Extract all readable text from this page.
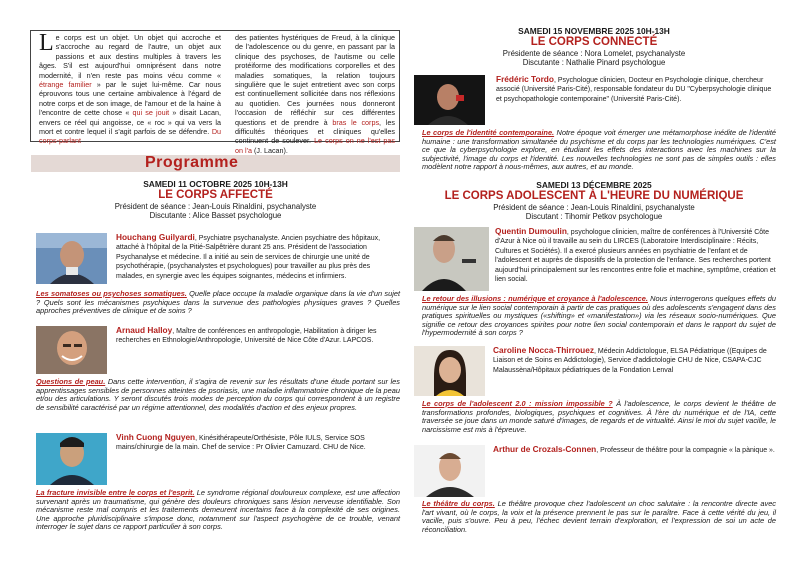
Le corps est un objet. Un objet qui accroche et s'accroche au regard de l'autre, un objet aux passions et aux destins multiples à travers les âges. S'il est aujourd'hui omniprésent dans notre modernité, il n'en reste pas moins vécu comme « étrange familier » par le sujet lui-même. Car nous éprouvons tous une certaine ambivalence à l'égard de notre corps et de son image, de l'amour et de la haine à l'encontre de cette chose « qui se jouit » disait Lacan, envers ce réel qui angoisse, ce « roc » qui va vers la mort et contre lequel il s'agit parfois de se défendre. Du corps-parlant
des patientes hystériques de Freud, à la clinique de l'adolescence ou du genre, en passant par la clinique des psychoses, de l'autisme ou celle protéiforme des modifications corporelles et des maladies somatiques, la relation toujours singulière que le sujet entretient avec son corps est continuellement sollicitée dans nos réflexions au quotidien. Ces journées nous donneront l'occasion de réfléchir sur ces différentes questions et de prendre à bras le corps, les difficultés théoriques et cliniques qu'elles continuent de soulever. Le corps on ne l'est pas on l'a (J. Lacan).
Programme
SAMEDI 11 OCTOBRE 2025 10H-13H
LE CORPS AFFECTÉ
Président de séance : Jean-Louis Rinaldini, psychanalyste
Discutante : Alice Basset psychologue
Houchang Guilyardi, Psychiatre psychanalyste. Ancien psychiatre des hôpitaux, attaché à l'hôpital de la Pitié-Salpêtrière durant 25 ans. Président de l'association Psychanalyse et médecine. Il a initié au sein de services de chirurgie une unité de psychothérapie, (psychanalystes et psychologues) pour travailler au plus près des malades, en synergie avec les équipes soignantes, médecins et infirmiers.
Les somatoses ou psychoses somatiques. Quelle place occupe la maladie organique dans la vie d'un sujet ? Quels sont les mécanismes psychiques dans la survenue des pathologies physiques graves ? Quelles approches préventives de clinique et de soins ?
Arnaud Halloy, Maître de conférences en anthropologie, Habilitation à diriger les recherches en Ethnologie/Anthropologie, Université de Nice Côte d'Azur. LAPCOS.
Questions de peau. Dans cette intervention, il s'agira de revenir sur les résultats d'une étude portant sur les apprentissages sensibles de personnes atteintes de psoriasis, une maladie inflammatoire chronique de la peau et/ou des articulations. Y seront discutés trois modes de perception du corps qui correspondent à un registre de sensibilité caractérisé par un régime attentionnel, des modalités d'action et des enjeux propres.
Vinh Cuong Nguyen, Kinésithérapeute/Orthésiste, Pôle IULS, Service SOS mains/chirurgie de la main. Chef de service : Pr Olivier Camuzard. CHU de Nice.
La fracture invisible entre le corps et l'esprit. Le syndrome régional douloureux complexe, est une affection survenant après un traumatisme, qui génère des douleurs chroniques sans lésion nerveuse identifiable. Son mécanisme reste mal compris et les traitements demeurent incertains face à la complexité de ses origines. Une approche pluridisciplinaire s'impose donc, notamment sur l'aspect psychogène de ce trouble, venant interroger le sujet dans ce rapport particulier à son corps.
SAMEDI 15 NOVEMBRE 2025 10H-13H
LE CORPS CONNECTÉ
Présidente de séance : Nora Lomelet, psychanalyste
Discutante : Nathalie Pinard psychologue
Frédéric Tordo, Psychologue clinicien, Docteur en Psychologie clinique, chercheur associé (Université Paris-Cité), responsable fondateur du DU "Cyberpsychologie clinique et psychopathologie contemporaine" (Université Paris-Cité).
Le corps de l'identité contemporaine. Notre époque voit émerger une métamorphose inédite de l'identité humaine : une transformation simultanée du psychisme et du corps par les technologies numériques. C'est ce que la cyberpsychologie explore, en étudiant les effets des interactions avec les machines sur la subjectivité, l'image du corps et l'identité. Les nouvelles technologies ne sont pas de simples outils : elles modèlent notre rapport à nous-mêmes, aux autres, et au monde.
SAMEDI 13 DÉCEMBRE 2025
LE CORPS ADOLESCENT À L'HEURE DU NUMÉRIQUE
Président de séance : Jean-Louis Rinaldini, psychanalyste
Discutant : Tihomir Petkov psychologue
Quentin Dumoulin, psychologue clinicien, maître de conférences à l'Université Côte d'Azur à Nice où il travaille au sein du LIRCES (Laboratoire Interdisciplinaire : Récits, Cultures et Sociétés). Il a exercé plusieurs années en psychiatrie de l'enfant et de l'adolescent et auprès de dispositifs de la protection de l'enfance. Ses recherches portent aujourd'hui principalement sur les rencontres entre folie et machine, symptôme, création et lien social.
Le retour des illusions : numérique et croyance à l'adolescence. Nous interrogerons quelques effets du numérique sur le lien social contemporain à partir de cas pratiques où des adolescents s'engagent dans des pratiques spirituelles ou mystiques («shifting» et «manifestation») via les réseaux socio-numériques. Que signifie ce retour des croyances spirites pour notre lien social contemporain et dans le rapport du sujet de l'hypermodernité à son corps ?
Caroline Nocca-Thirrouez, Médecin Addictologue, ELSA Pédiatrique ((Equipes de Liaison et de Soins en Addictologie), Service d'addictologie CHU de Nice, CSAPA-CJC Malaussèna/Hôpitaux pédiatriques de la Fondation Lenval
Le corps de l'adolescent 2.0 : mission impossible ? À l'adolescence, le corps devient le théâtre de transformations profondes, biologiques, psychiques et cognitives. À l'ère du numérique et de l'IA, cette traversée se joue dans un monde saturé d'images, de regards et de virtualité. Ainsi le moi du sujet vacille, le narcissisme est mis à l'épreuve.
Arthur de Crozals-Connen, Professeur de théâtre pour la compagnie « la pànique ».
Le théâtre du corps. Le théâtre provoque chez l'adolescent un choc salutaire : la rencontre directe avec l'art vivant, où le corps, la voix et la présence prennent le pas sur le paraître. Face à cette vérité du jeu, il vacille, puis s'ouvre. Peu à peu, l'échec devient terrain d'exploration, et l'expression de soi un acte de réconciliation.
